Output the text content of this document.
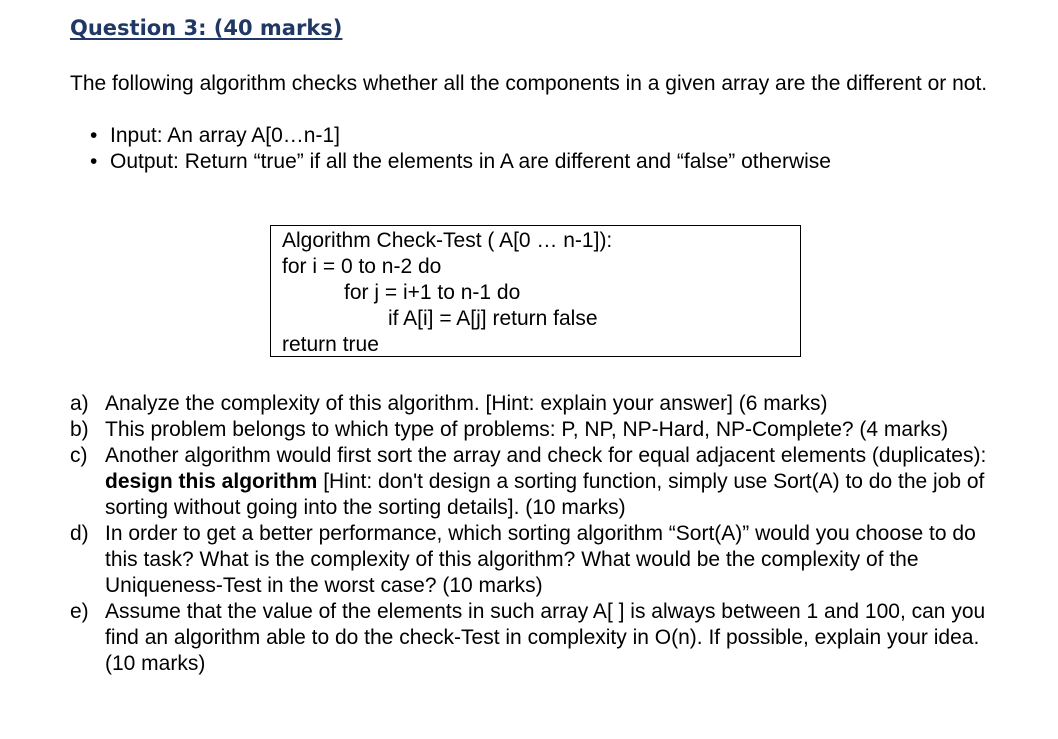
Question 3: (40 marks)

The following algorithm checks whether all the components in a given array are the different or not.

• Input: An array A[0…n-1]
• Output: Return “true” if all the elements in A are different and “false” otherwise
Algorithm Check-Test ( A[0 … n-1]):
for i = 0 to n-2 do
for j = i+1 to n-1 do
if A[i] = A[j] return false
return true
a) Analyze the complexity of this algorithm. [Hint: explain your answer] (6 marks)
b) This problem belongs to which type of problems: P, NP, NP-Hard, NP-Complete? (4 marks)
c) Another algorithm would first sort the array and check for equal adjacent elements (duplicates): design this algorithm [Hint: don't design a sorting function, simply use Sort(A) to do the job of sorting without going into the sorting details]. (10 marks)
d) In order to get a better performance, which sorting algorithm “Sort(A)” would you choose to do this task? What is the complexity of this algorithm? What would be the complexity of the Uniqueness-Test in the worst case? (10 marks)
e) Assume that the value of the elements in such array A[ ] is always between 1 and 100, can you find an algorithm able to do the check-Test in complexity in O(n). If possible, explain your idea. (10 marks)
